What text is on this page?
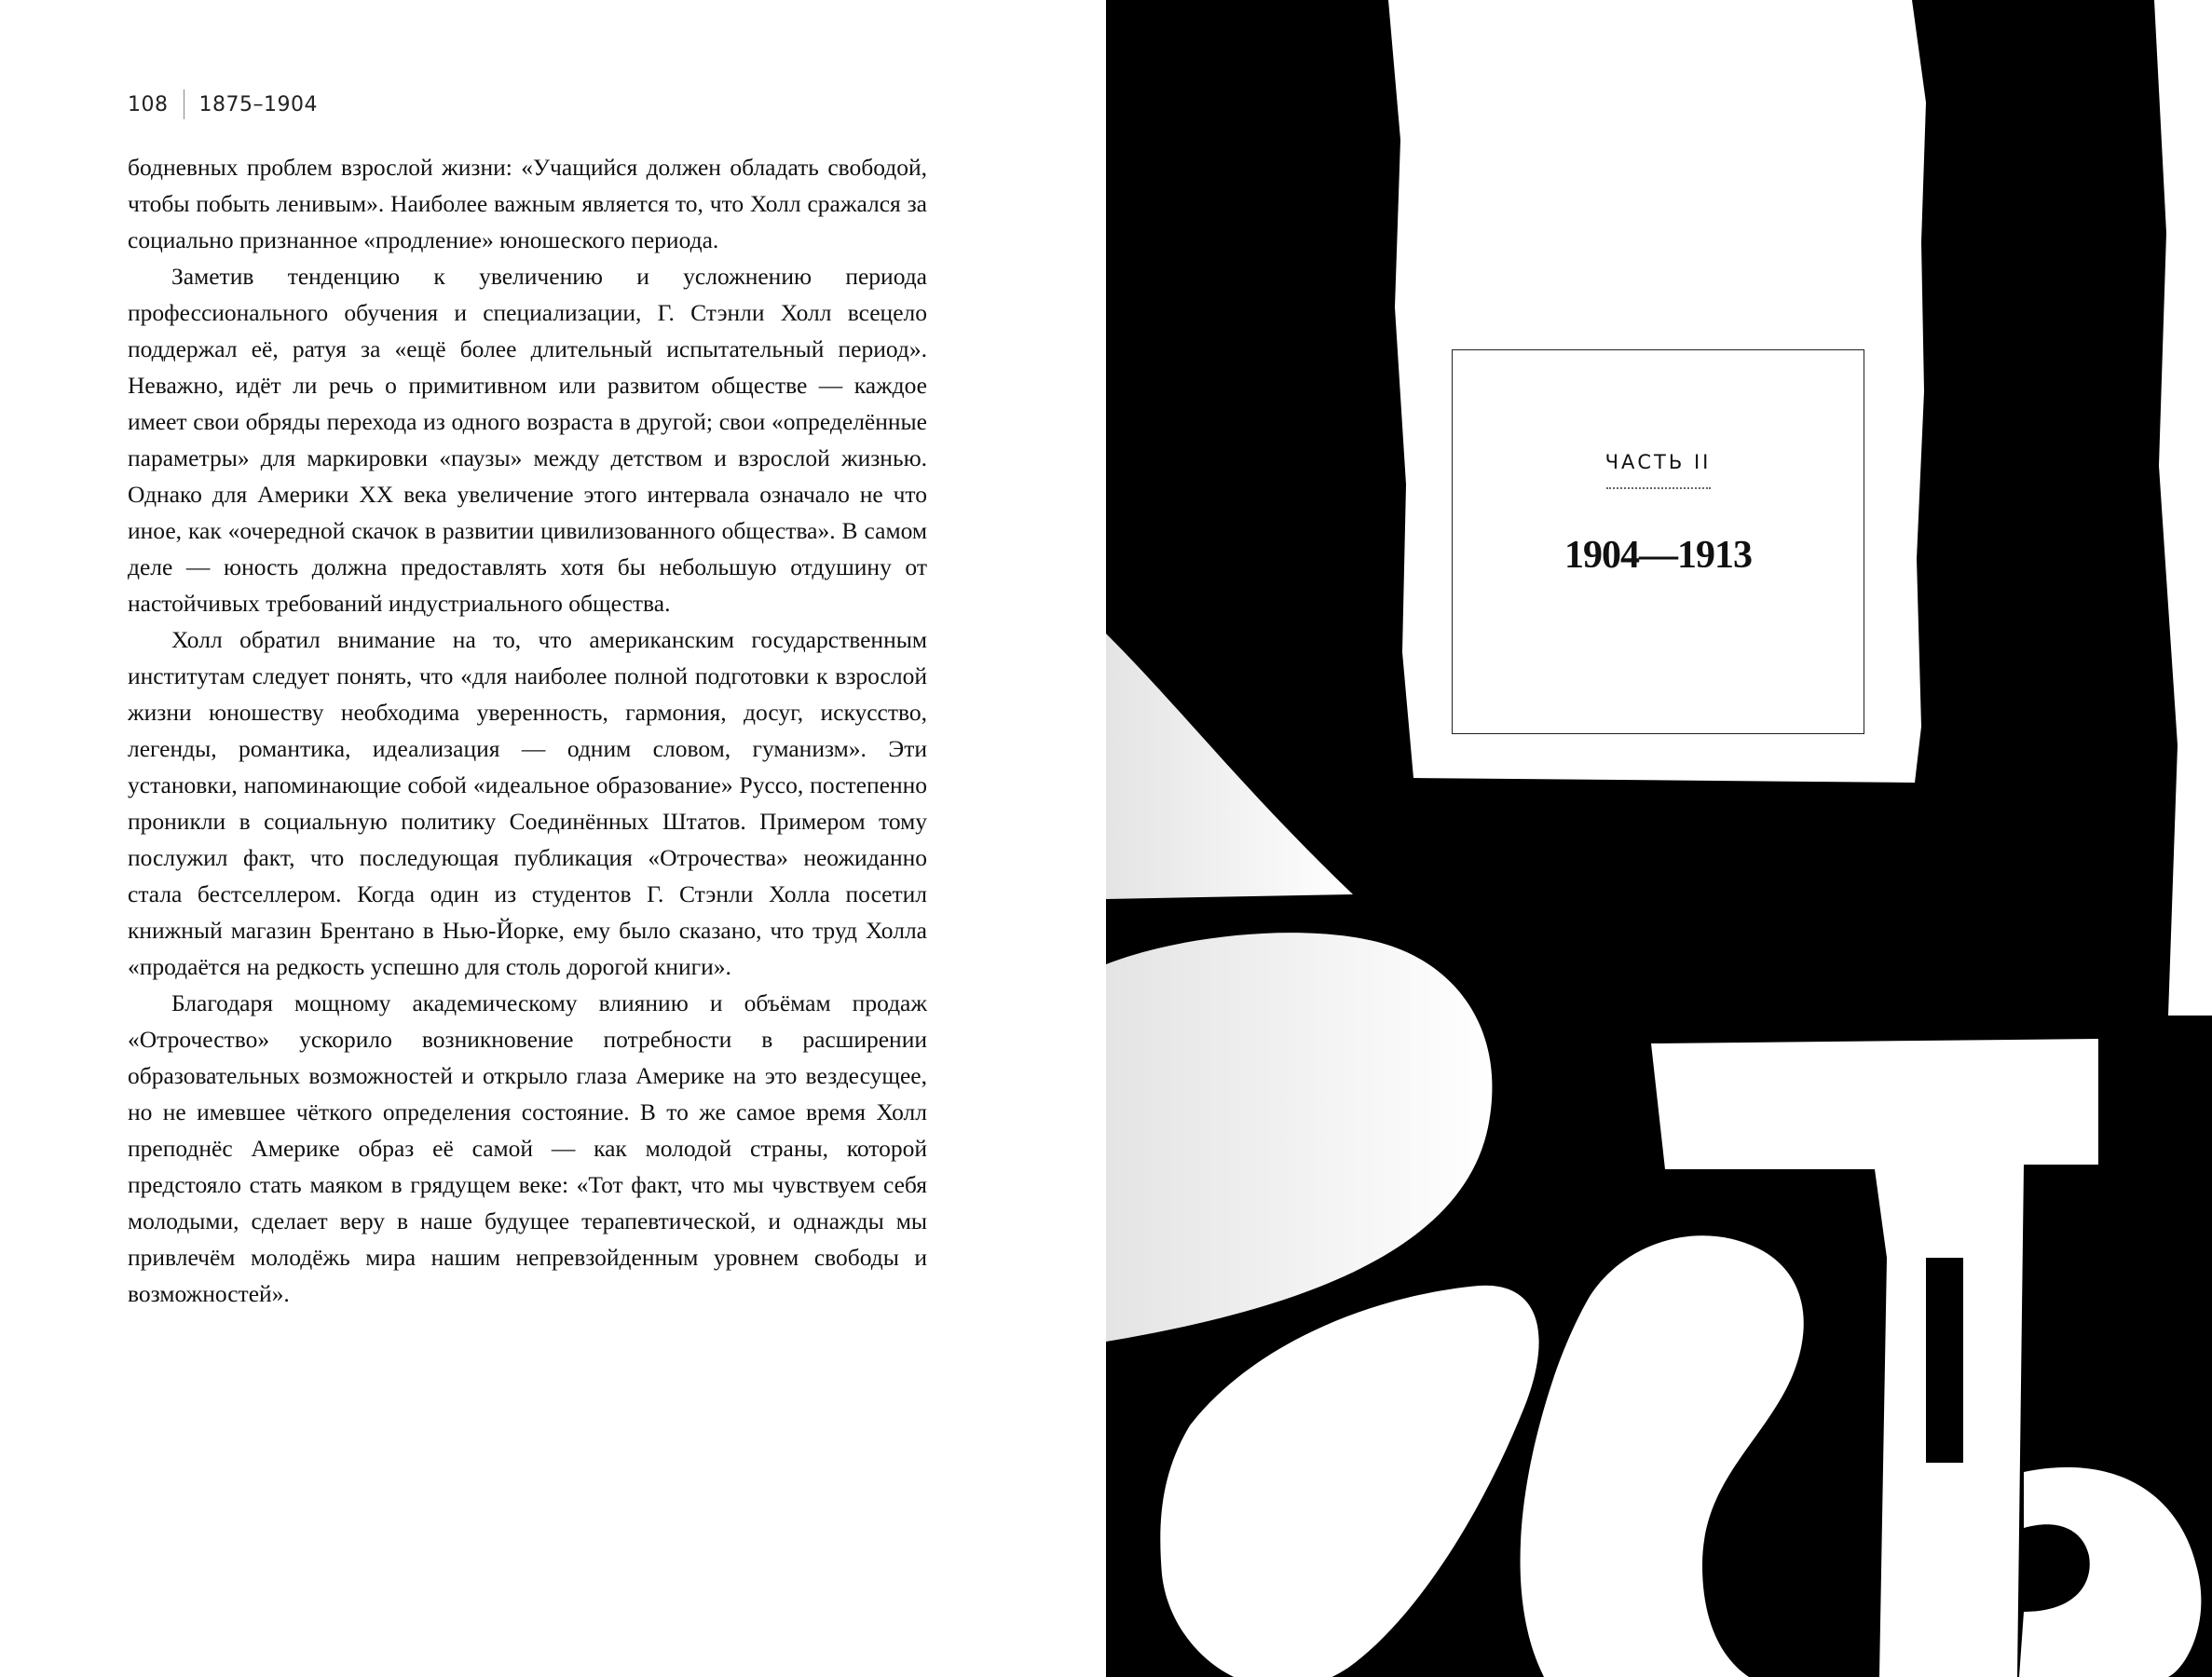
108 1875–1904

бодневных проблем взрослой жизни: «Учащийся должен обладать свободой, чтобы побыть ленивым». Наиболее важным является то, что Холл сражался за социально признанное «продление» юношеского периода.

Заметив тенденцию к увеличению и усложнению периода профессионального обучения и специализации, Г. Стэнли Холл всецело поддержал её, ратуя за «ещё более длительный испытательный период». Неважно, идёт ли речь о примитивном или развитом обществе — каждое имеет свои обряды перехода из одного возраста в другой; свои «определённые параметры» для маркировки «паузы» между детством и взрослой жизнью. Однако для Америки XX века увеличение этого интервала означало не что иное, как «очередной скачок в развитии цивилизованного общества». В самом деле — юность должна предоставлять хотя бы небольшую отдушину от настойчивых требований индустриального общества.

Холл обратил внимание на то, что американским государственным институтам следует понять, что «для наиболее полной подготовки к взрослой жизни юношеству необходима уверенность, гармония, досуг, искусство, легенды, романтика, идеализация — одним словом, гуманизм». Эти установки, напоминающие собой «идеальное образование» Руссо, постепенно проникли в социальную политику Соединённых Штатов. Примером тому послужил факт, что последующая публикация «Отрочества» неожиданно стала бестселлером. Когда один из студентов Г. Стэнли Холла посетил книжный магазин Брентано в Нью-Йорке, ему было сказано, что труд Холла «продаётся на редкость успешно для столь дорогой книги».

Благодаря мощному академическому влиянию и объёмам продаж «Отрочество» ускорило возникновение потребности в расширении образовательных возможностей и открыло глаза Америке на это вездесущее, но не имевшее чёткого определения состояние. В то же самое время Холл преподнёс Америке образ её самой — как молодой страны, которой предстояло стать маяком в грядущем веке: «Тот факт, что мы чувствуем себя молодыми, сделает веру в наше будущее терапевтической, и однажды мы привлечём молодёжь мира нашим непревзойденным уровнем свободы и возможностей».

ЧАСТЬ II
1904—1913
